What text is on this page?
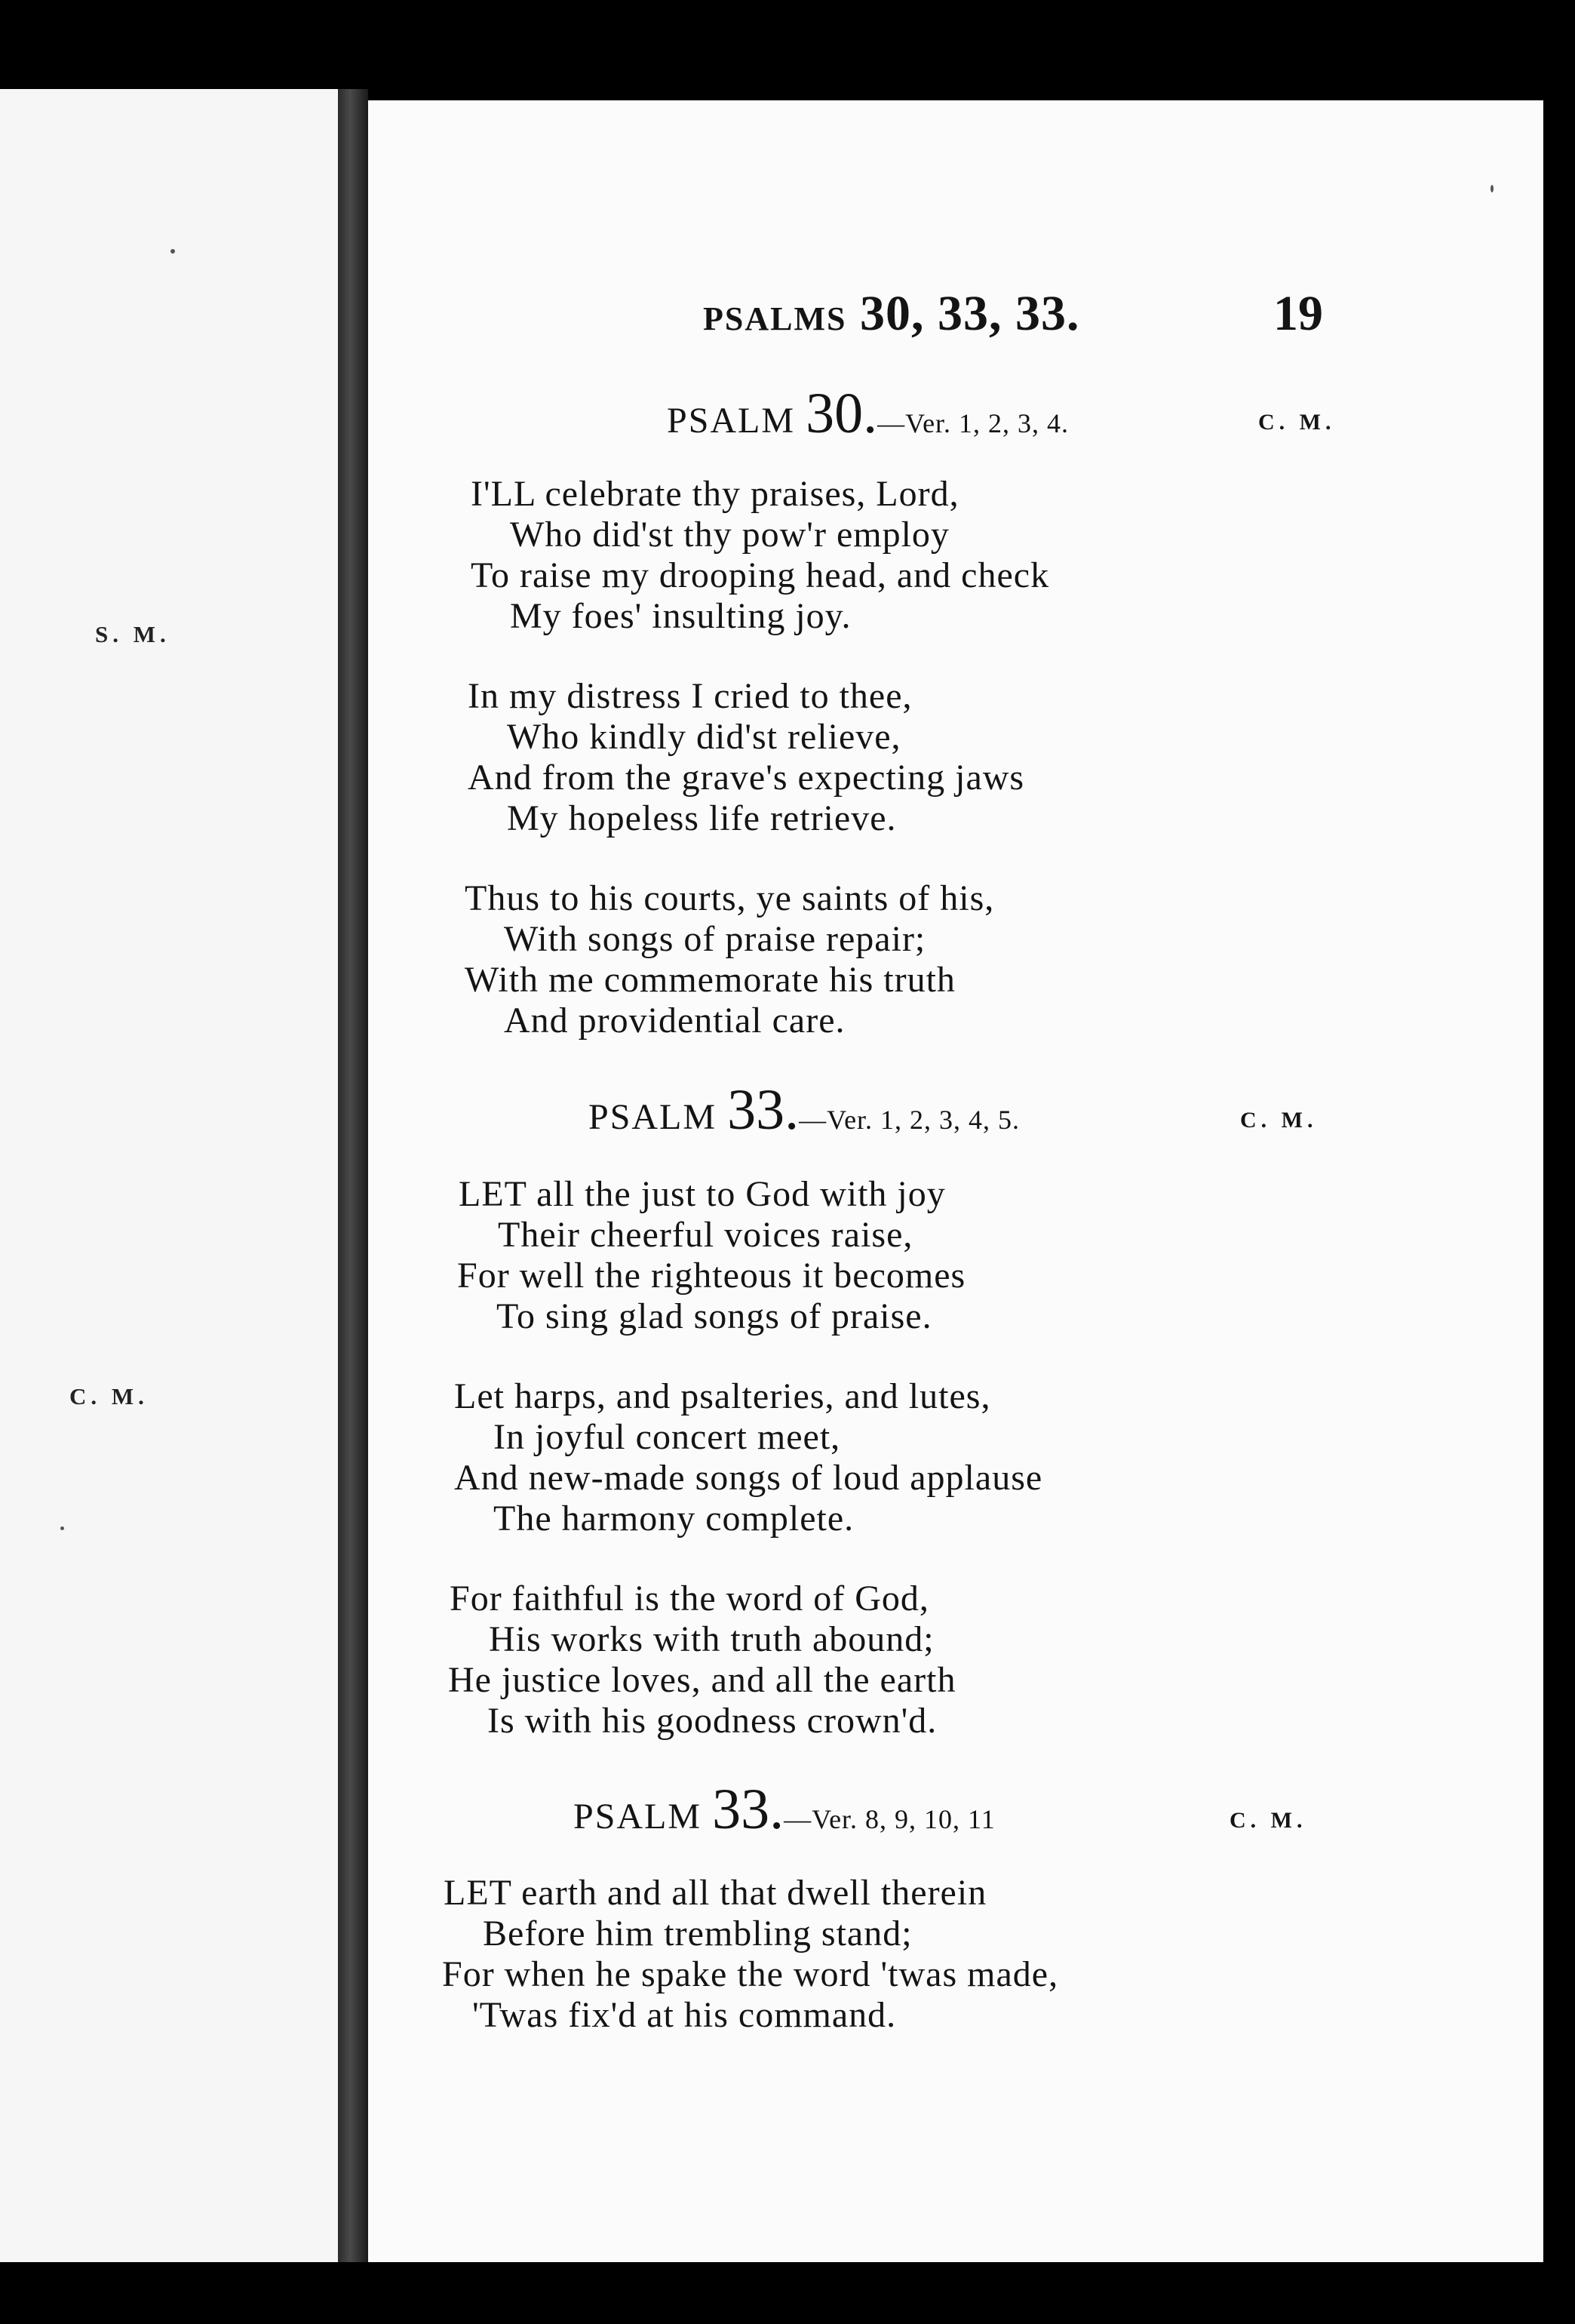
S. M.
C. M.
PSALMS 30, 33, 33.	19
PSALM 30.—Ver. 1, 2, 3, 4.	C. M.
I'LL celebrate thy praises, Lord,
Who did'st thy pow'r employ
To raise my drooping head, and check
My foes' insulting joy.
In my distress I cried to thee,
Who kindly did'st relieve,
And from the grave's expecting jaws
My hopeless life retrieve.
Thus to his courts, ye saints of his,
With songs of praise repair;
With me commemorate his truth
And providential care.
PSALM 33.—Ver. 1, 2, 3, 4, 5.	C. M.
LET all the just to God with joy
Their cheerful voices raise,
For well the righteous it becomes
To sing glad songs of praise.
Let harps, and psalteries, and lutes,
In joyful concert meet,
And new-made songs of loud applause
The harmony complete.
For faithful is the word of God,
His works with truth abound;
He justice loves, and all the earth
Is with his goodness crown'd.
PSALM 33.—Ver. 8, 9, 10, 11	C. M.
LET earth and all that dwell therein
Before him trembling stand;
For when he spake the word 'twas made,
'Twas fix'd at his command.
